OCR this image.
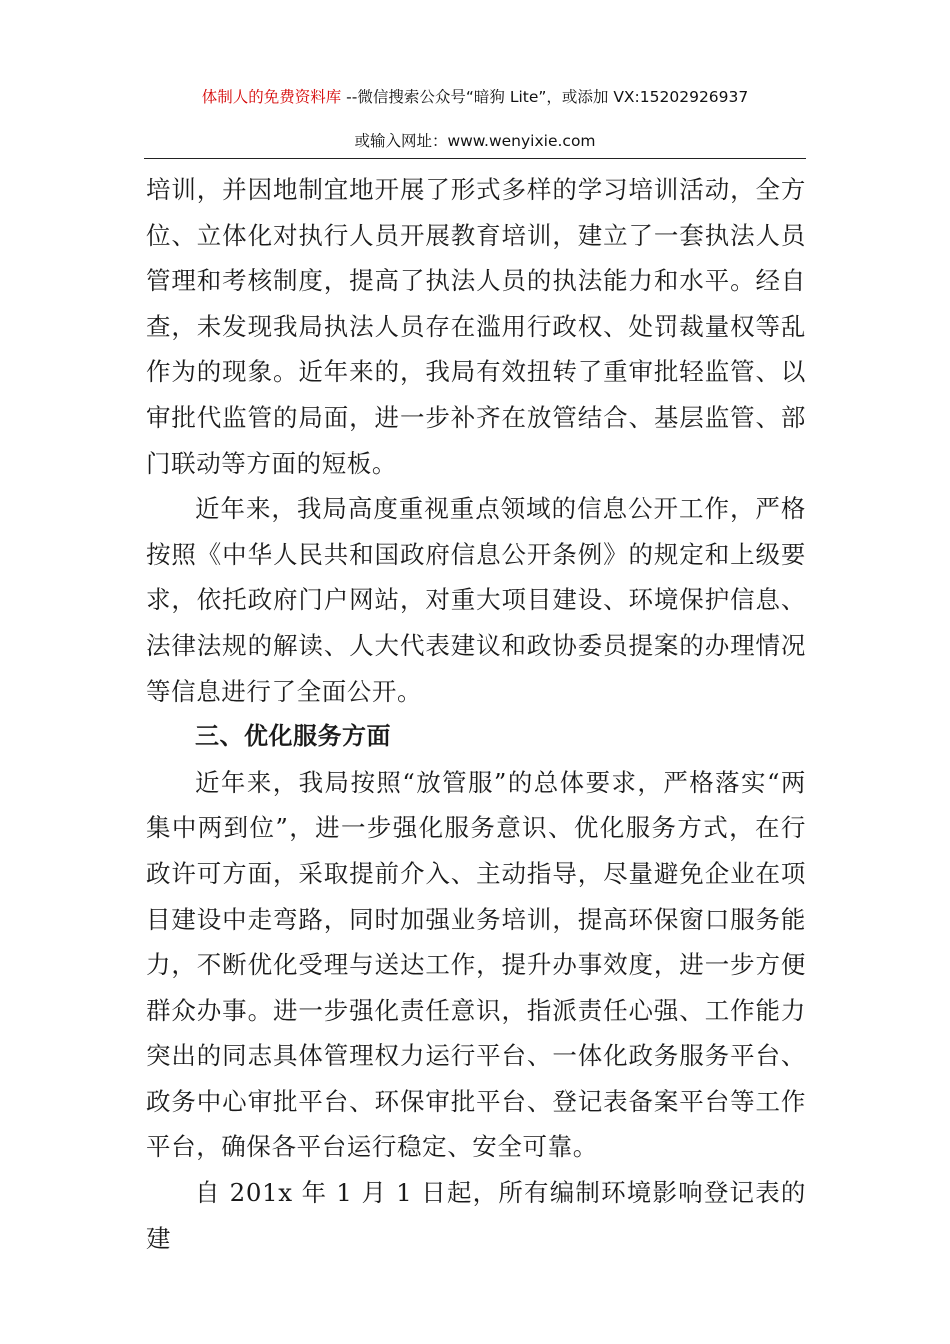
体制人的免费资料库 --微信搜索公众号“暗狗 Lite”，或添加 VX:15202926937
或输入网址：www.wenyixie.com

培训，并因地制宜地开展了形式多样的学习培训活动，全方位、立体化对执行人员开展教育培训，建立了一套执法人员管理和考核制度，提高了执法人员的执法能力和水平。经自查，未发现我局执法人员存在滥用行政权、处罚裁量权等乱作为的现象。近年来的，我局有效扭转了重审批轻监管、以审批代监管的局面，进一步补齐在放管结合、基层监管、部门联动等方面的短板。

近年来，我局高度重视重点领域的信息公开工作，严格按照《中华人民共和国政府信息公开条例》的规定和上级要求，依托政府门户网站，对重大项目建设、环境保护信息、法律法规的解读、人大代表建议和政协委员提案的办理情况等信息进行了全面公开。

三、优化服务方面

近年来，我局按照“放管服”的总体要求，严格落实“两集中两到位”，进一步强化服务意识、优化服务方式，在行政许可方面，采取提前介入、主动指导，尽量避免企业在项目建设中走弯路，同时加强业务培训，提高环保窗口服务能力，不断优化受理与送达工作，提升办事效度，进一步方便群众办事。进一步强化责任意识，指派责任心强、工作能力突出的同志具体管理权力运行平台、一体化政务服务平台、政务中心审批平台、环保审批平台、登记表备案平台等工作平台，确保各平台运行稳定、安全可靠。

自 201x 年 1 月 1 日起，所有编制环境影响登记表的建
